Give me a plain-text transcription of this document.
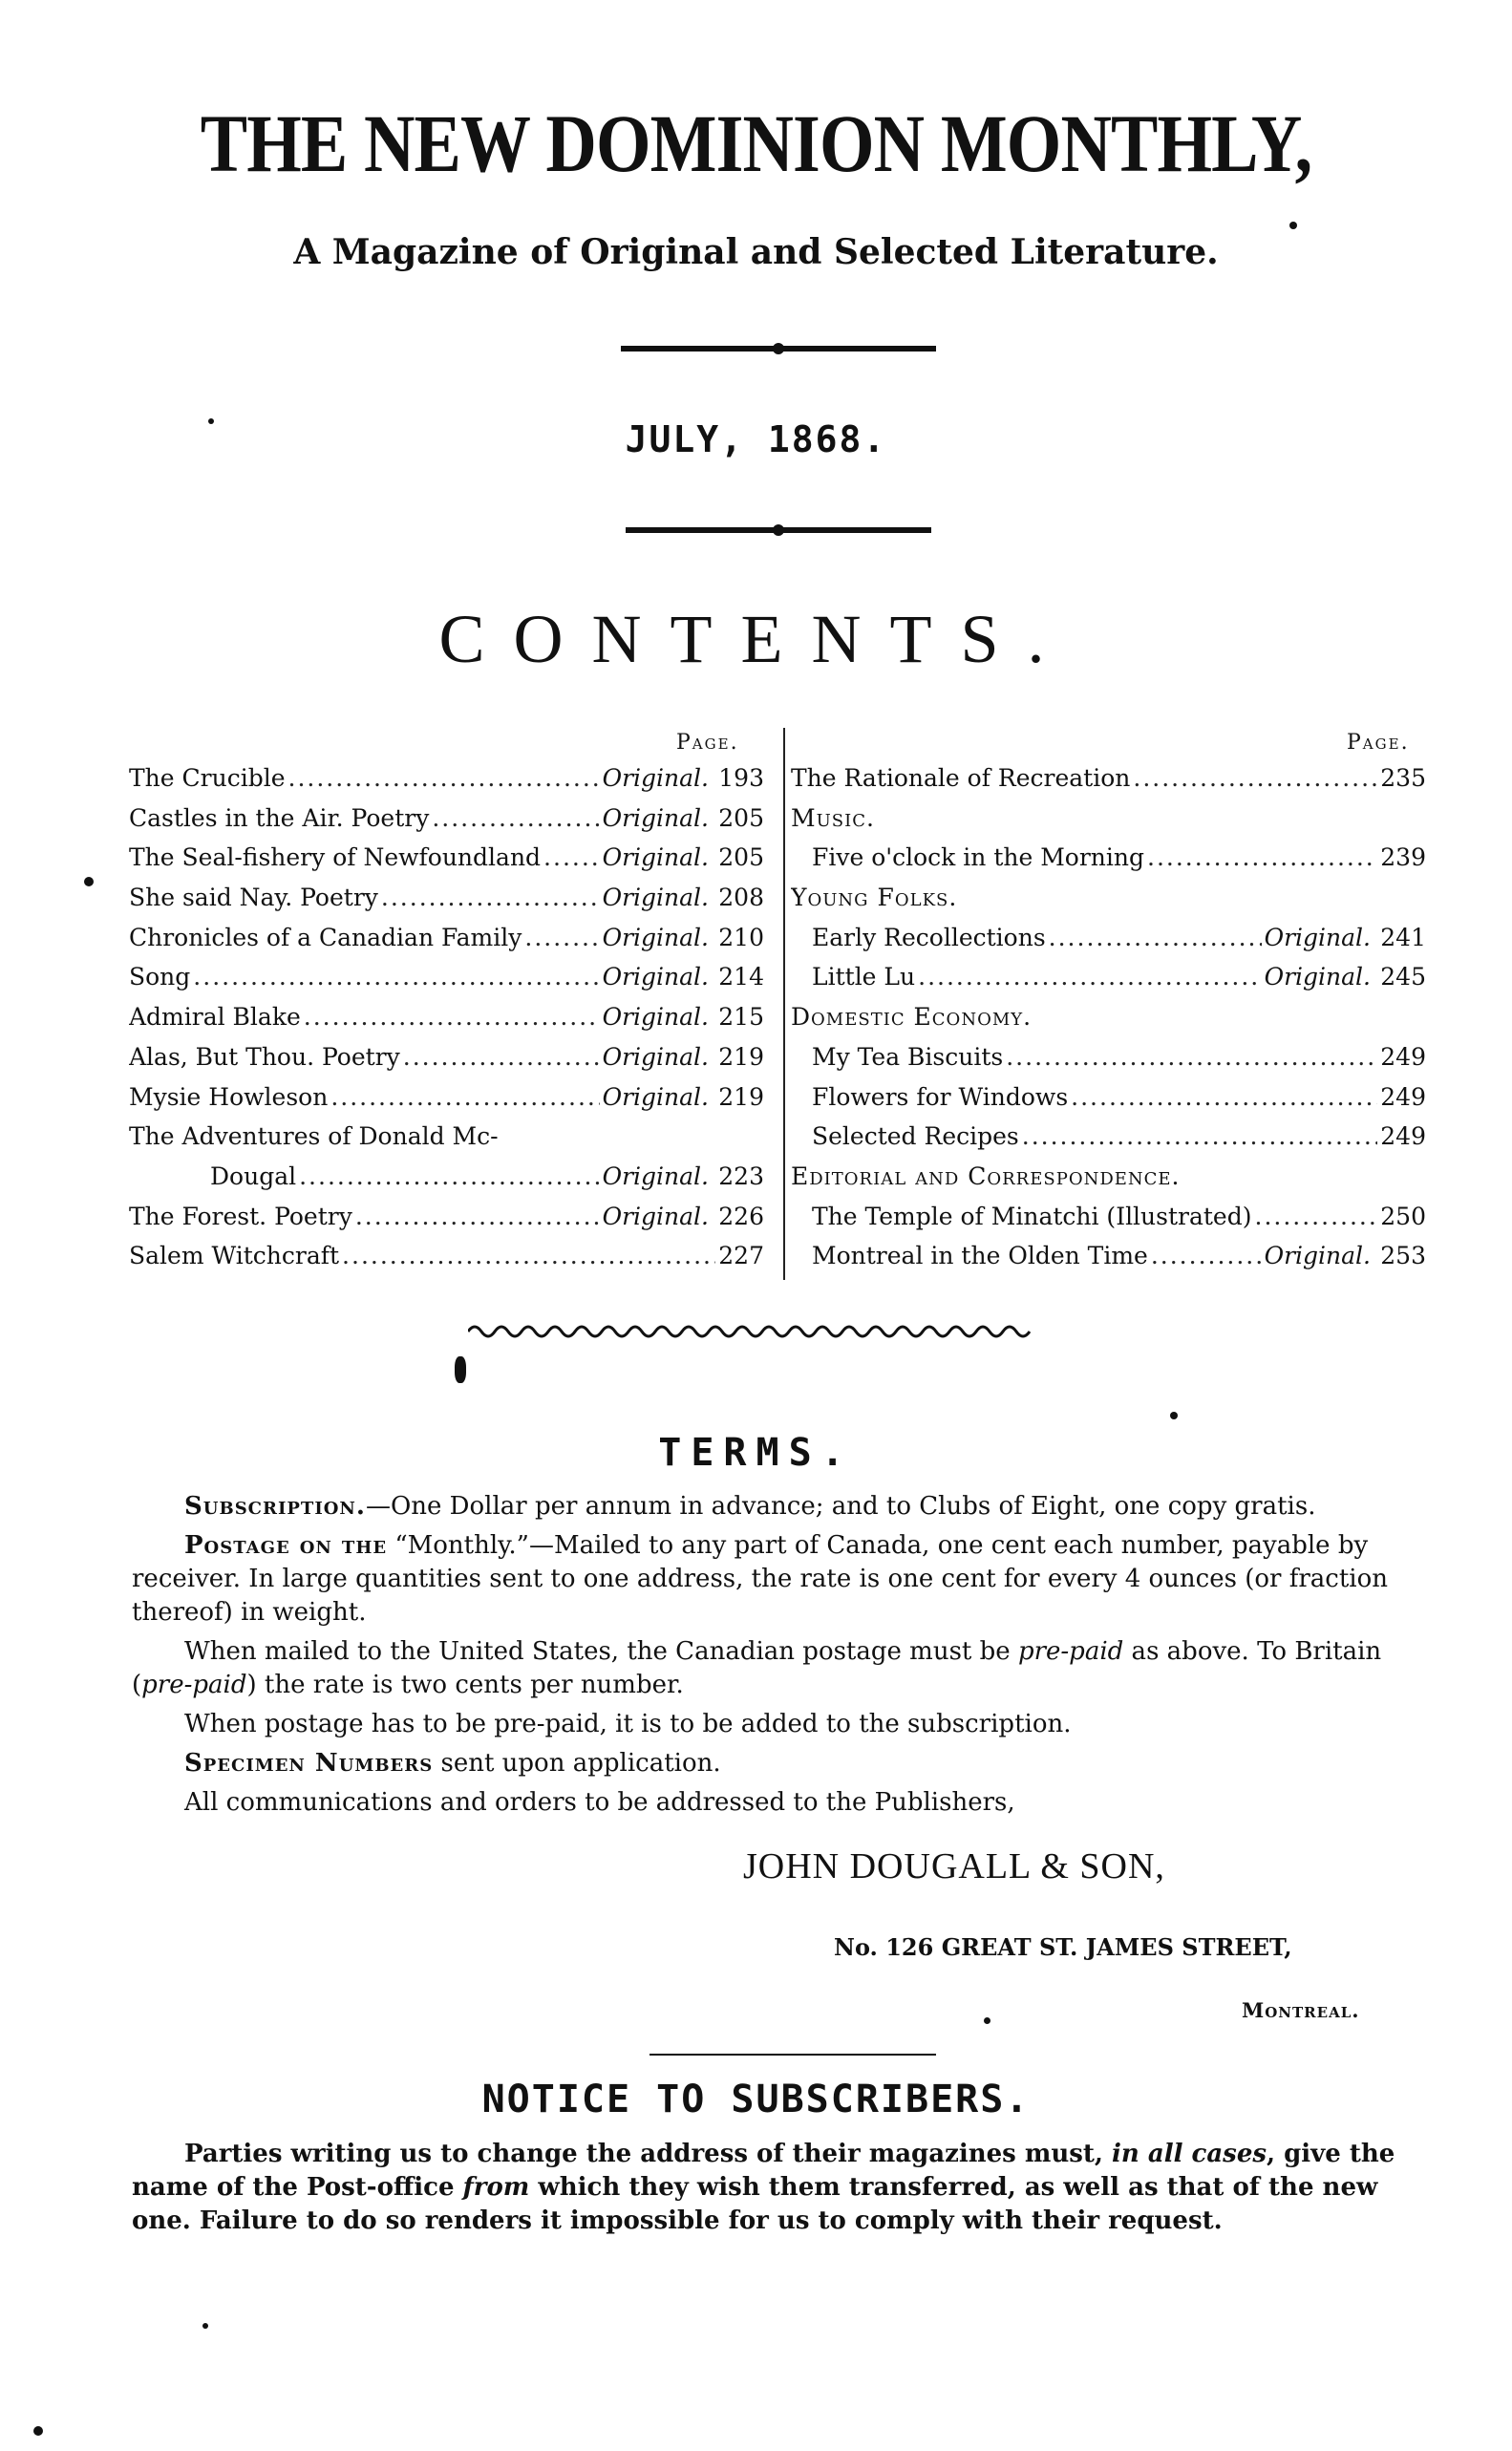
THE NEW DOMINION MONTHLY,
A Magazine of Original and Selected Literature.
JULY, 1868.
CONTENTS.
Page.	Page.
The Crucible .....	Original. 193
Castles in the Air. Poetry .....	Original. 205
The Seal-fishery of Newfoundland .....	Original. 205
She said Nay. Poetry .....	Original. 208
Chronicles of a Canadian Family .....	Original. 210
Song .....	Original. 214
Admiral Blake .....	Original. 215
Alas, But Thou. Poetry .....	Original. 219
Mysie Howleson .....	Original. 219
The Adventures of Donald Mc-
Dougal .....	Original. 223
The Forest. Poetry .....	Original. 226
Salem Witchcraft .....	227
The Rationale of Recreation .....	235
Music.
Five o'clock in the Morning .....	239
Young Folks.
Early Recollections .....	Original. 241
Little Lu .....	Original. 245
Domestic Economy.
My Tea Biscuits .....	249
Flowers for Windows .....	249
Selected Recipes .....	249
Editorial and Correspondence.
The Temple of Minatchi (Illustrated) .....	250
Montreal in the Olden Time .....	Original. 253
TERMS.

Subscription.—One Dollar per annum in advance; and to Clubs of Eight, one copy gratis.

Postage on the “Monthly.”—Mailed to any part of Canada, one cent each number, payable by receiver. In large quantities sent to one address, the rate is one cent for every 4 ounces (or fraction thereof) in weight.

When mailed to the United States, the Canadian postage must be pre-paid as above. To Britain (pre-paid) the rate is two cents per number.

When postage has to be pre-paid, it is to be added to the subscription.

Specimen Numbers sent upon application.

All communications and orders to be addressed to the Publishers,

JOHN DOUGALL & SON,
No. 126 GREAT ST. JAMES STREET,
Montreal.
NOTICE TO SUBSCRIBERS.

Parties writing us to change the address of their magazines must, in all cases, give the name of the Post-office from which they wish them transferred, as well as that of the new one. Failure to do so renders it impossible for us to comply with their request.
